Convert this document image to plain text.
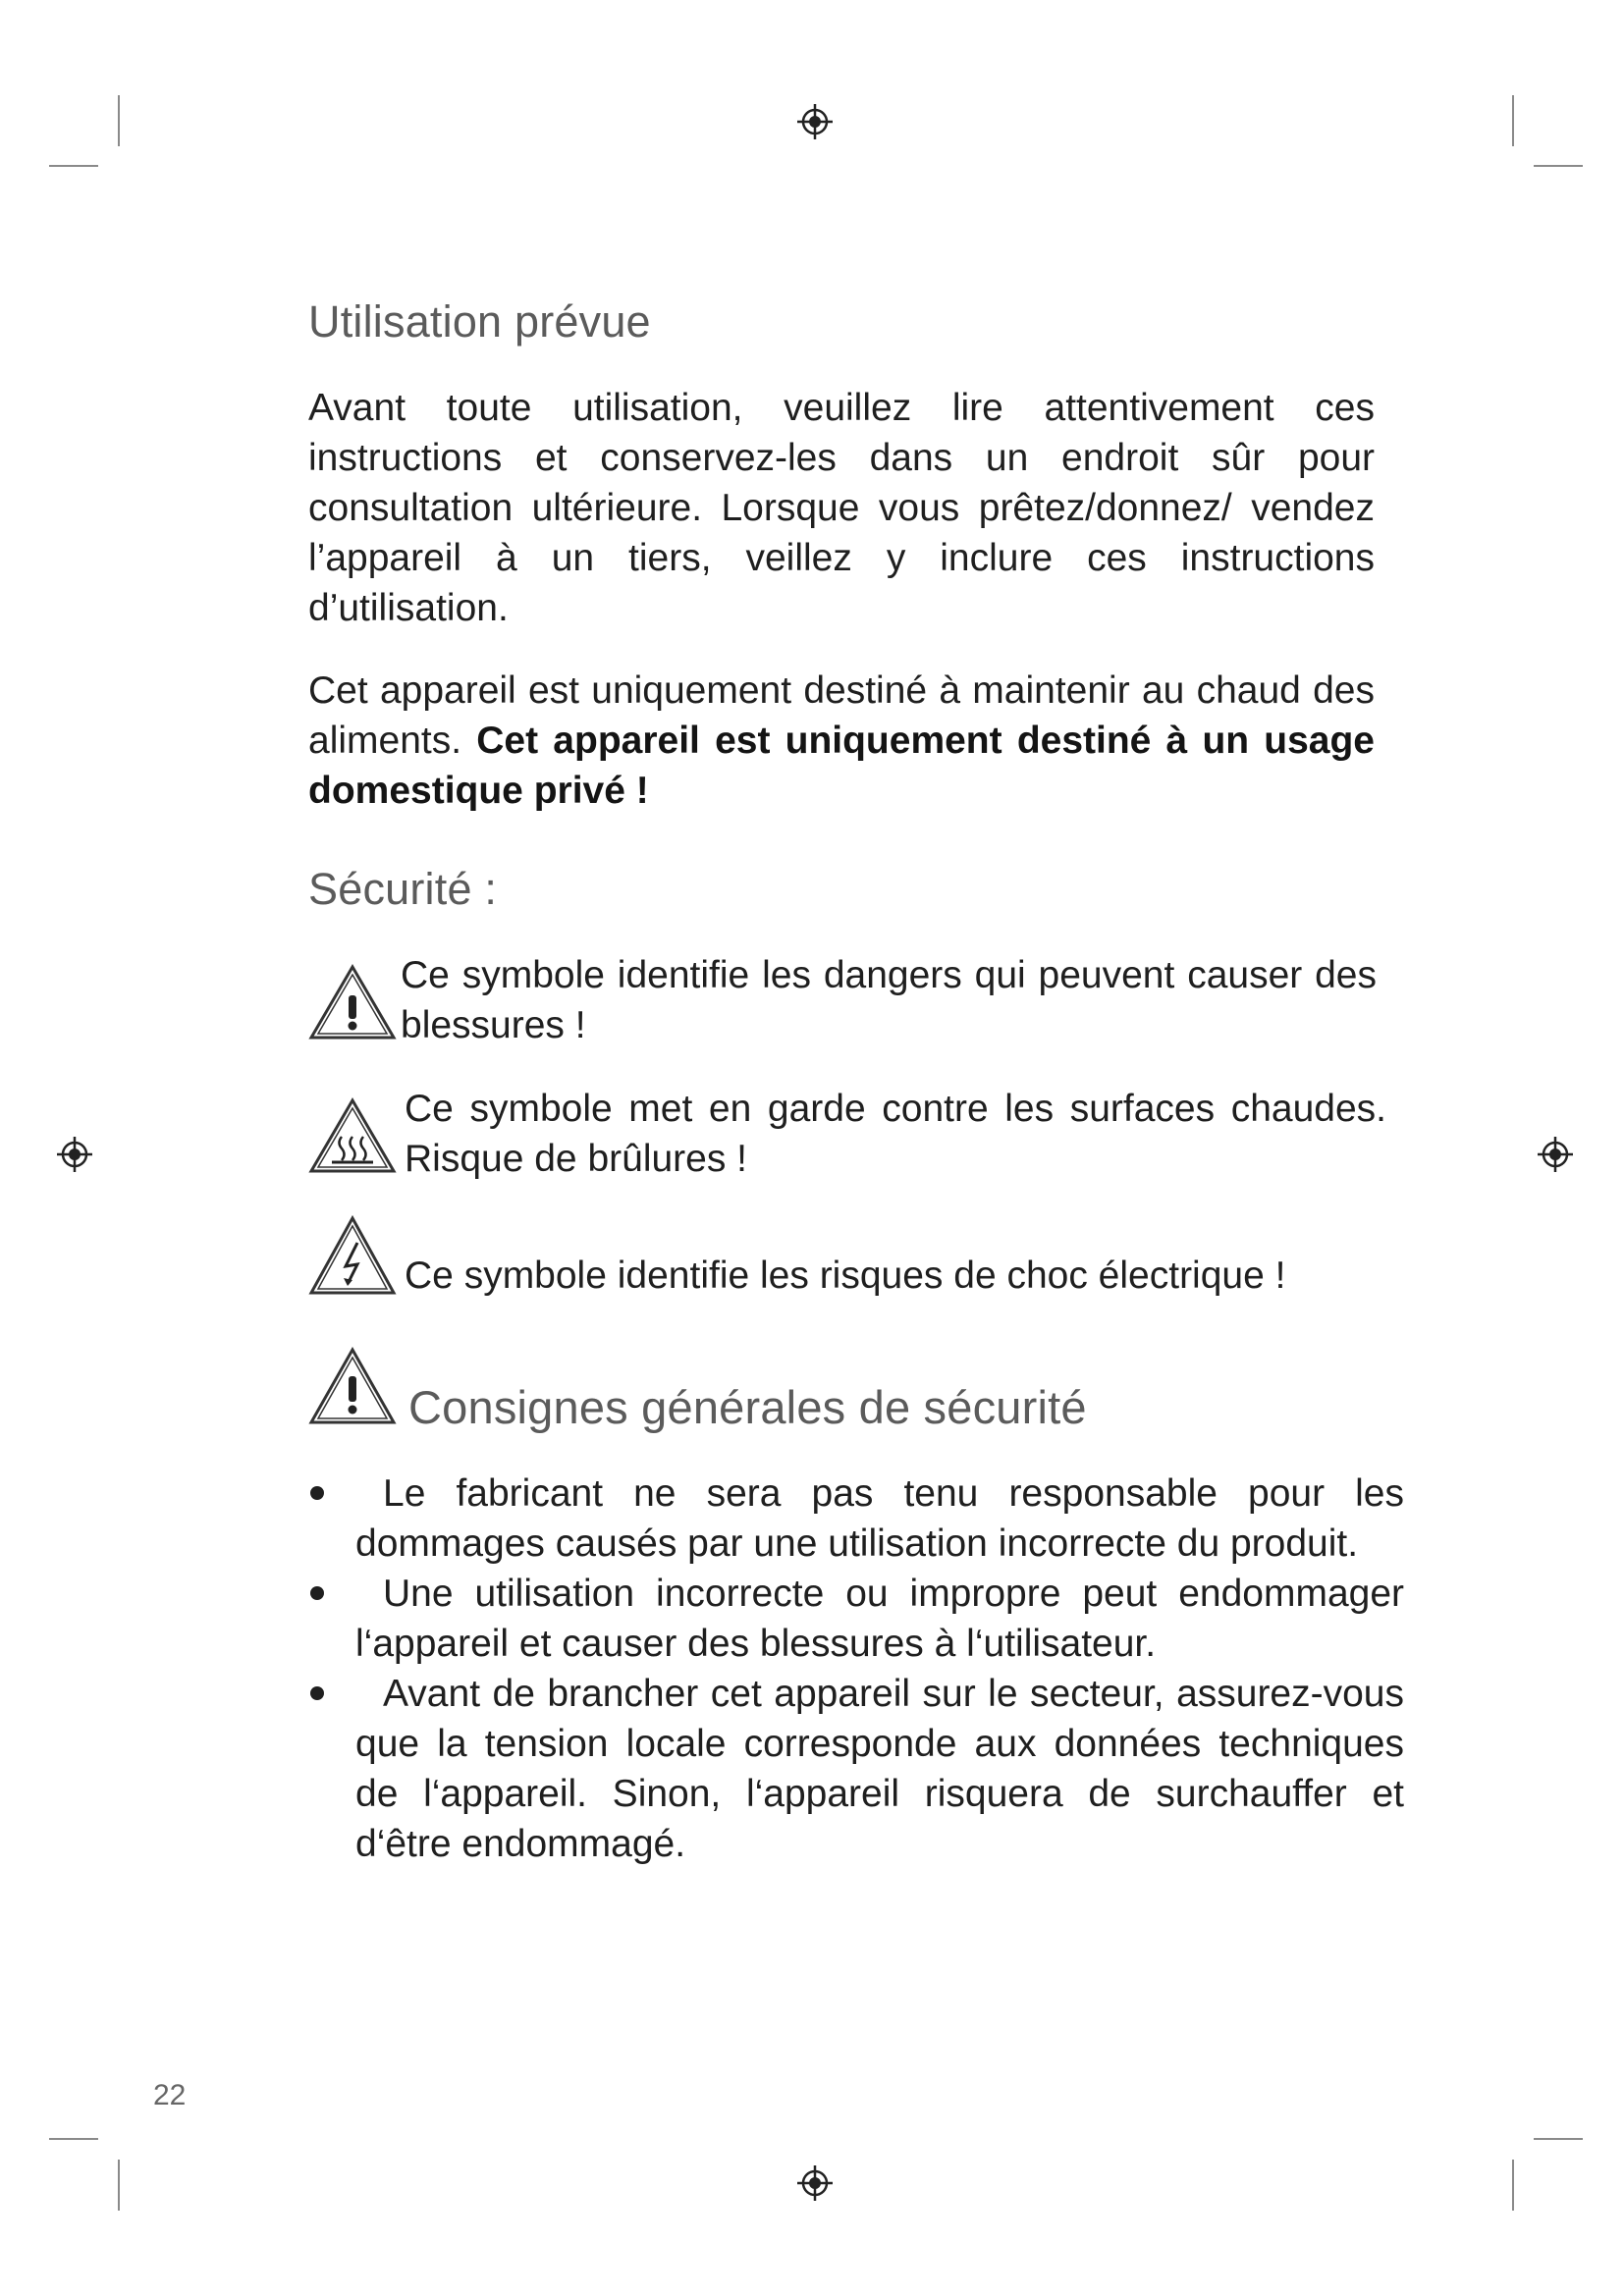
Utilisation prévue

Avant toute utilisation, veuillez lire attentivement ces instructions et conservez-les dans un endroit sûr pour consultation ultérieure. Lorsque vous prêtez/donnez/ vendez l’appareil à un tiers, veillez y inclure ces instructions d’utilisation.

Cet appareil est uniquement destiné à maintenir au chaud des aliments. Cet appareil est uniquement destiné à un usage domestique privé !

Sécurité :
Ce symbole identifie les dangers qui peuvent causer des blessures !
Ce symbole met en garde contre les surfaces chaudes. Risque de brûlures !
Ce symbole identifie les risques de choc électrique !
Consignes générales de sécurité
Le fabricant ne sera pas tenu responsable pour les dommages causés par une utilisation incorrecte du produit.
Une utilisation incorrecte ou impropre peut endommager l‘appareil et causer des blessures à l‘utilisateur.
Avant de brancher cet appareil sur le secteur, assurez-vous que la tension locale corresponde aux données techniques de l‘appareil. Sinon, l‘appareil risquera de surchauffer et d‘être endommagé.
22
